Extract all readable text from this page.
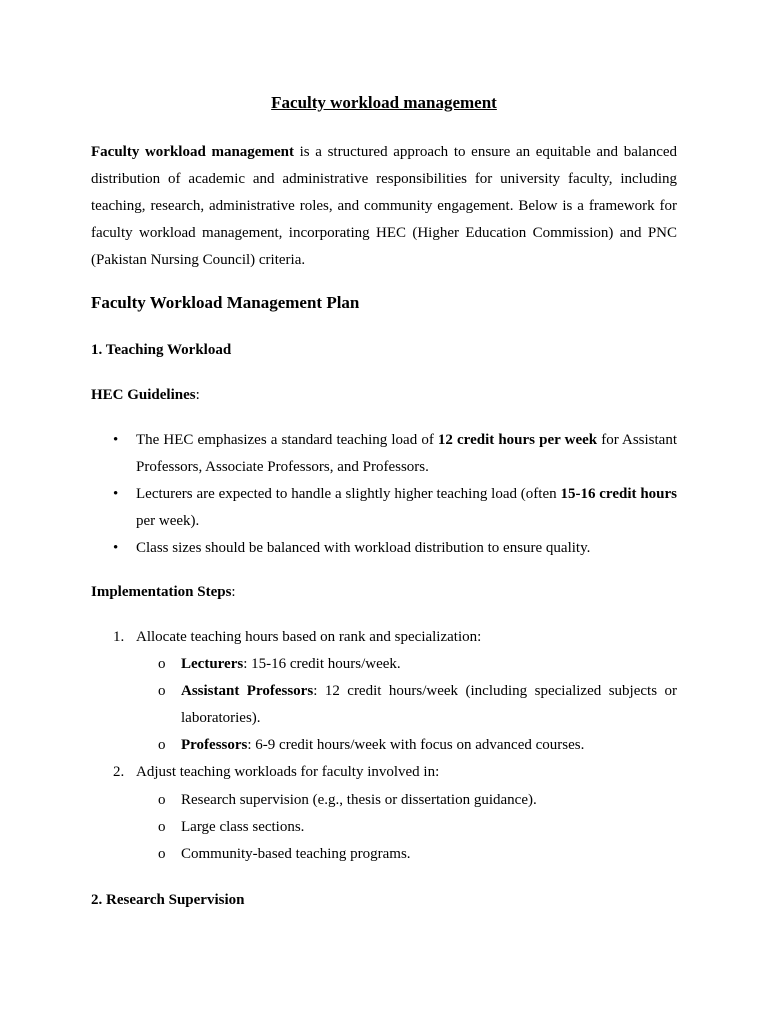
Faculty workload management
Faculty workload management is a structured approach to ensure an equitable and balanced distribution of academic and administrative responsibilities for university faculty, including teaching, research, administrative roles, and community engagement. Below is a framework for faculty workload management, incorporating HEC (Higher Education Commission) and PNC (Pakistan Nursing Council) criteria.
Faculty Workload Management Plan
1. Teaching Workload
HEC Guidelines:
• The HEC emphasizes a standard teaching load of 12 credit hours per week for Assistant Professors, Associate Professors, and Professors.
• Lecturers are expected to handle a slightly higher teaching load (often 15-16 credit hours per week).
• Class sizes should be balanced with workload distribution to ensure quality.
Implementation Steps:
1. Allocate teaching hours based on rank and specialization:
o Lecturers: 15-16 credit hours/week.
o Assistant Professors: 12 credit hours/week (including specialized subjects or laboratories).
o Professors: 6-9 credit hours/week with focus on advanced courses.
2. Adjust teaching workloads for faculty involved in:
o Research supervision (e.g., thesis or dissertation guidance).
o Large class sections.
o Community-based teaching programs.
2. Research Supervision
